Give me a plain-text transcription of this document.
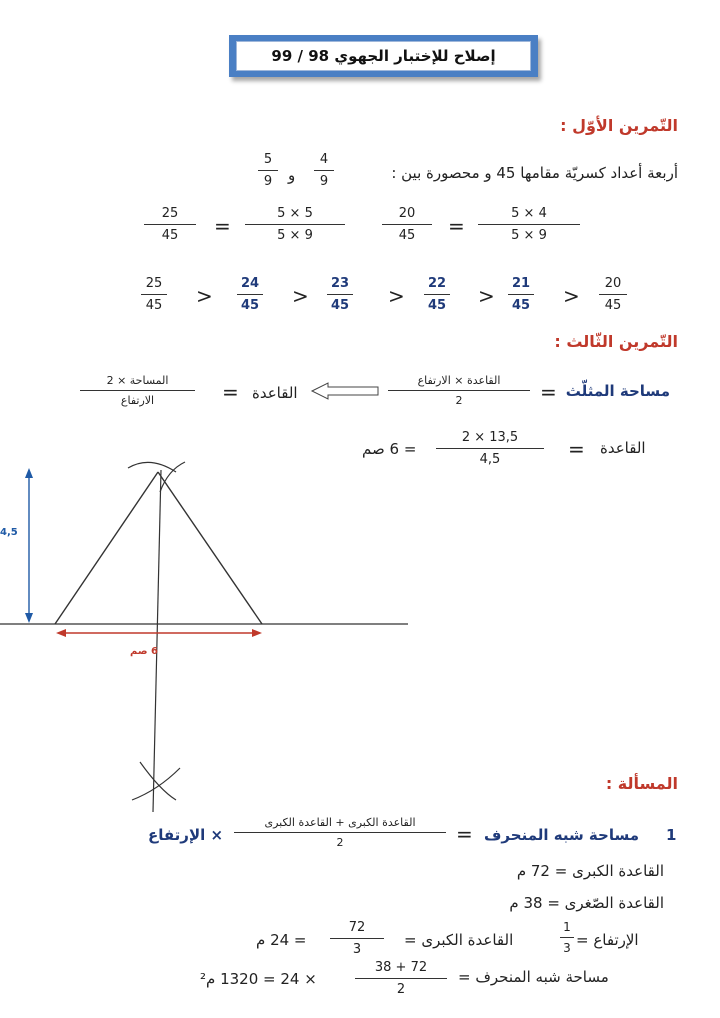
إصلاح للإختبار الجهوي 98 / 99
التّمرين الأوّل :
أربعة أعداد كسريّة مقامها 45 و محصورة بين :
4
9
و
5
9
25
45	=
5 × 5
5 × 9
20
45	=
5 × 4
5 × 9
25
45 >
24
45 >
23
45 >
22
45 >
21
45 >
20
45
التّمرين الثّالث :
مساحة المثلّث
=
القاعدة × الارتفاع
2
القاعدة
=
المساحة × 2
الارتفاع
القاعدة
=
2 × 13,5
4,5
= 6 صم
4,5
6 صم
المسألة :
1
مساحة شبه المنحرف
=
القاعدة الكبرى + القاعدة الكبرى
2
× الإرتفاع
القاعدة الكبرى = 72 م
القاعدة الصّغرى = 38 م
الإرتفاع =
1
3
القاعدة الكبرى =
72
3
= 24 م
مساحة شبه المنحرف =
38 + 72
2
× 24 = 1320 م²
